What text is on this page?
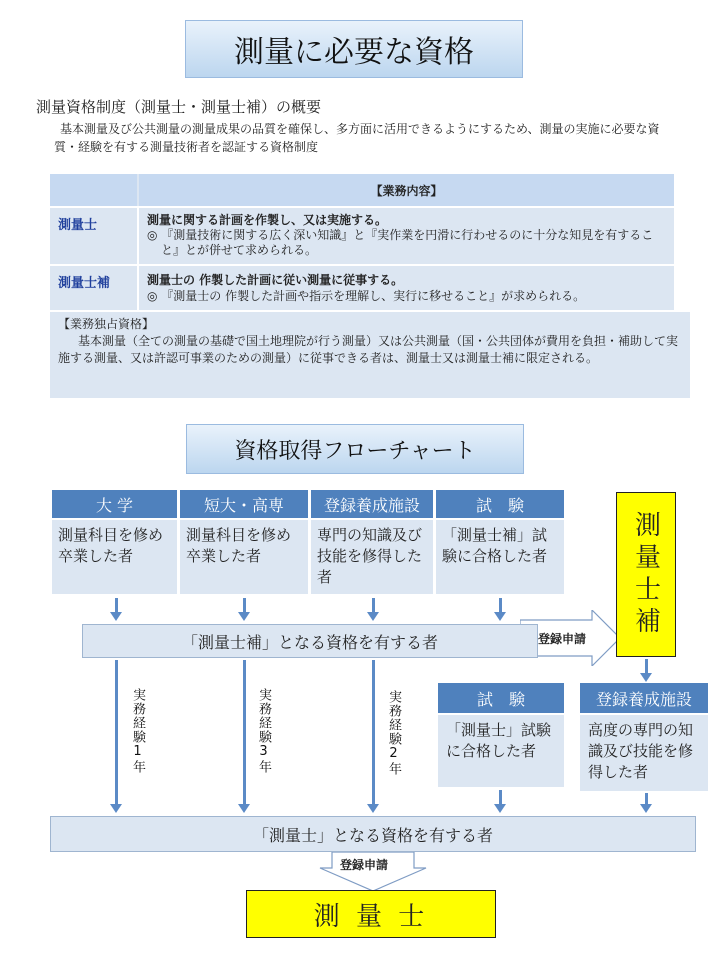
測量に必要な資格
測量資格制度（測量士・測量士補）の概要
基本測量及び公共測量の測量成果の品質を確保し、多方面に活用できるようにするため、測量の実施に必要な資質・経験を有する測量技術者を認証する資格制度
【業務内容】
測量士	測量に関する計画を作製し、又は実施する。
◎ 『測量技術に関する広く深い知識』と『実作業を円滑に行わせるのに十分な知見を有すること』とが併せて求められる。
測量士補	測量士の 作製した計画に従い測量に従事する。
◎ 『測量士の 作製した計画や指示を理解し、実行に移せること』が求められる。
【業務独占資格】
基本測量（全ての測量の基礎で国土地理院が行う測量）又は公共測量（国・公共団体が費用を負担・補助して実施する測量、又は許認可事業のための測量）に従事できる者は、測量士又は測量士補に限定される。
資格取得フローチャート
大 学	短大・高専	登録養成施設	試　験
測量科目を修め卒業した者
測量科目を修め卒業した者
専門の知識及び技能を修得した者
「測量士補」試験に合格した者
登録申請
「測量士補」となる資格を有する者
測量士補
実務経験1年	実務経験3年	実務経験2年	試　験
「測量士」試験に合格した者
登録養成施設
高度の専門の知識及び技能を修得した者
「測量士」となる資格を有する者
登録申請
測 量 士
